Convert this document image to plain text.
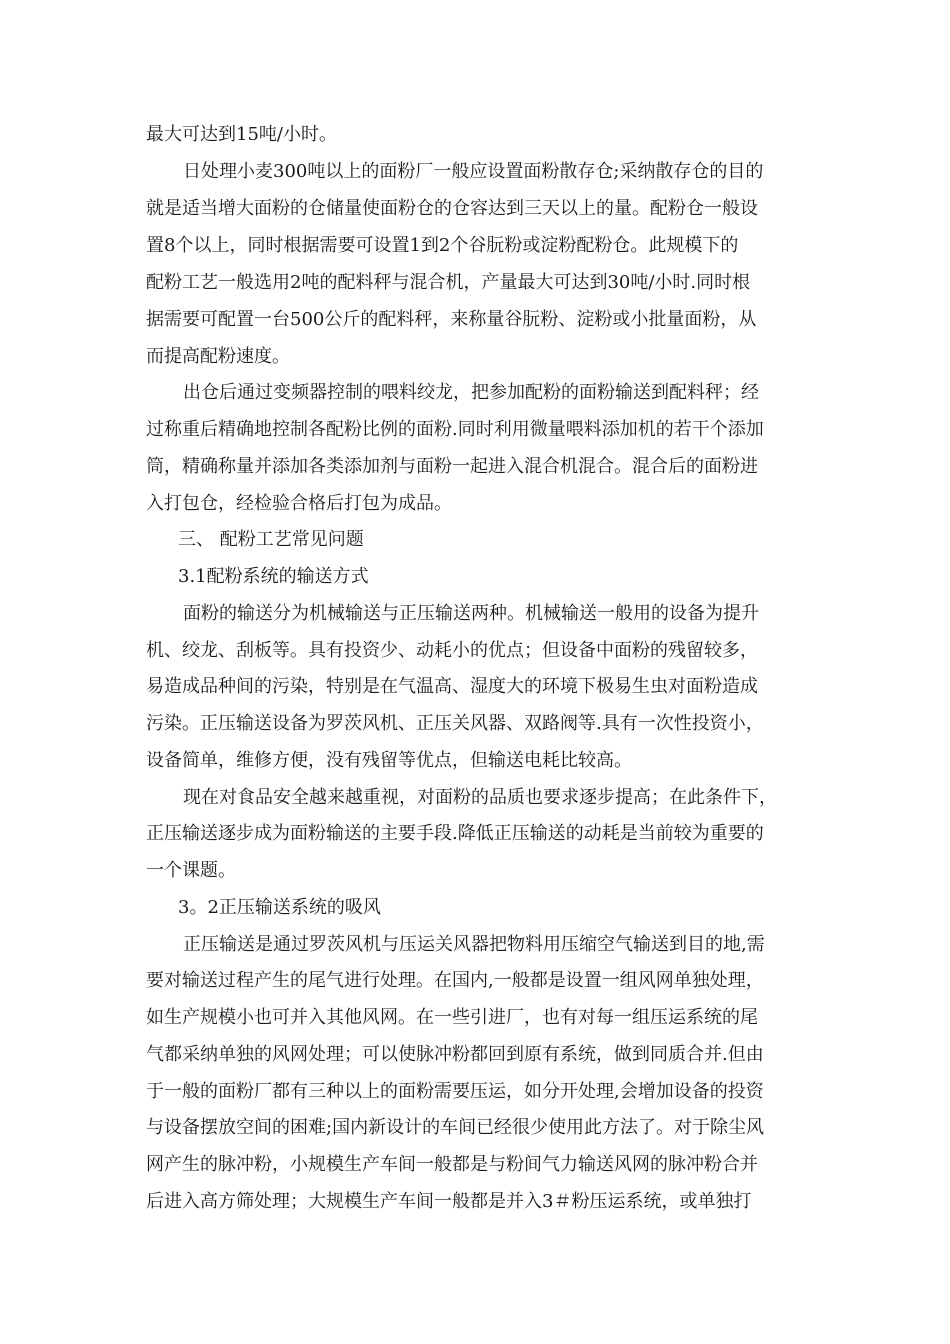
最大可达到15吨/小时。
日处理小麦300吨以上的面粉厂一般应设置面粉散存仓;采纳散存仓的目的
就是适当增大面粉的仓储量使面粉仓的仓容达到三天以上的量。配粉仓一般设
置8个以上，同时根据需要可设置1到2个谷朊粉或淀粉配粉仓。此规模下的
配粉工艺一般选用2吨的配料秤与混合机，产量最大可达到30吨/小时.同时根
据需要可配置一台500公斤的配料秤，来称量谷朊粉、淀粉或小批量面粉，从
而提高配粉速度。
出仓后通过变频器控制的喂料绞龙，把参加配粉的面粉输送到配料秤；经
过称重后精确地控制各配粉比例的面粉.同时利用微量喂料添加机的若干个添加
筒，精确称量并添加各类添加剂与面粉一起进入混合机混合。混合后的面粉进
入打包仓，经检验合格后打包为成品。
三、 配粉工艺常见问题
3.1配粉系统的输送方式
面粉的输送分为机械输送与正压输送两种。机械输送一般用的设备为提升
机、绞龙、刮板等。具有投资少、动耗小的优点；但设备中面粉的残留较多，
易造成品种间的污染，特别是在气温高、湿度大的环境下极易生虫对面粉造成
污染。正压输送设备为罗茨风机、正压关风器、双路阀等.具有一次性投资小，
设备简单，维修方便，没有残留等优点，但输送电耗比较高。
现在对食品安全越来越重视，对面粉的品质也要求逐步提高；在此条件下，
正压输送逐步成为面粉输送的主要手段.降低正压输送的动耗是当前较为重要的
一个课题。
3。2正压输送系统的吸风
正压输送是通过罗茨风机与压运关风器把物料用压缩空气输送到目的地,需
要对输送过程产生的尾气进行处理。在国内,一般都是设置一组风网单独处理，
如生产规模小也可并入其他风网。在一些引进厂，也有对每一组压运系统的尾
气都采纳单独的风网处理；可以使脉冲粉都回到原有系统，做到同质合并.但由
于一般的面粉厂都有三种以上的面粉需要压运，如分开处理,会增加设备的投资
与设备摆放空间的困难;国内新设计的车间已经很少使用此方法了。对于除尘风
网产生的脉冲粉，小规模生产车间一般都是与粉间气力输送风网的脉冲粉合并
后进入高方筛处理；大规模生产车间一般都是并入3＃粉压运系统，或单独打
